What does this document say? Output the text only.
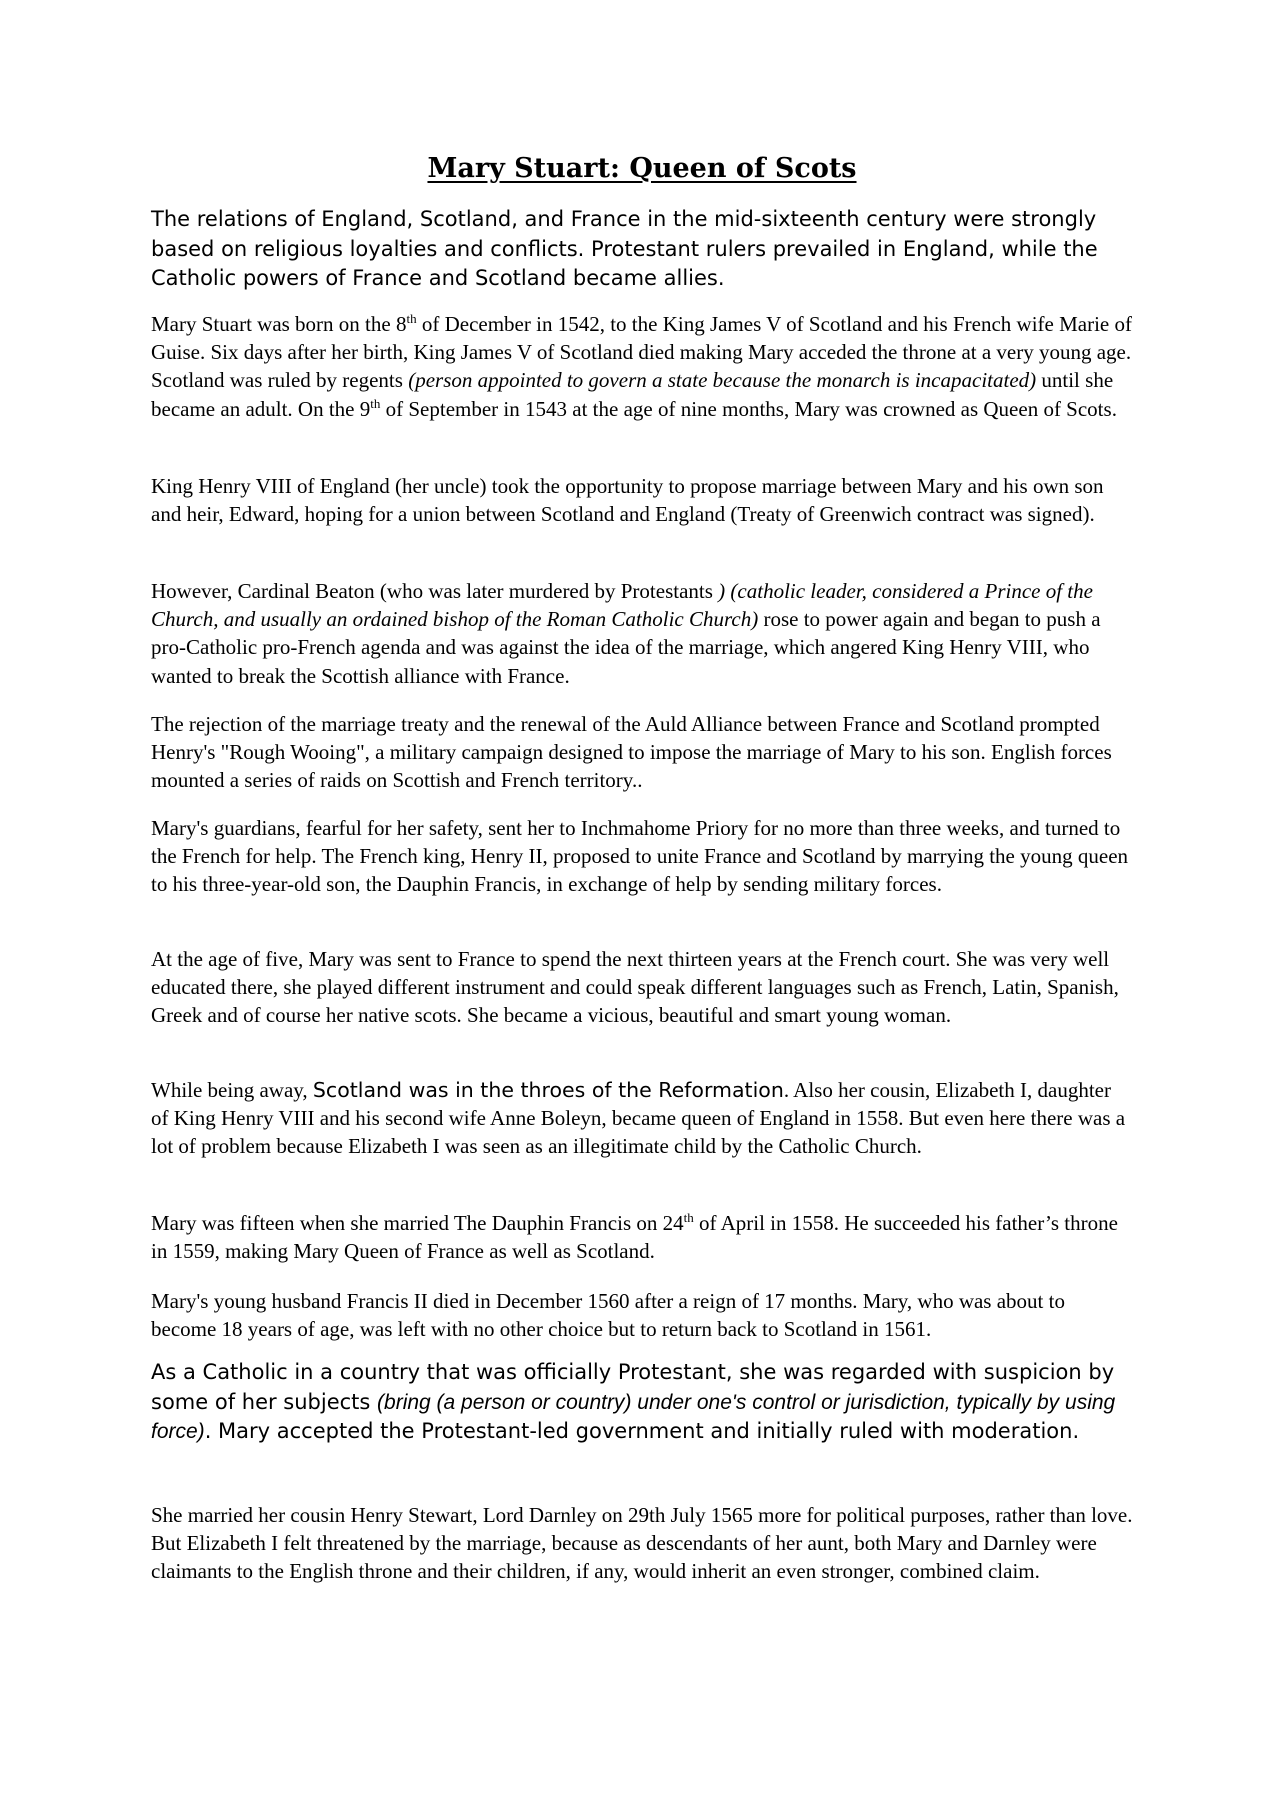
Mary Stuart: Queen of Scots

The relations of England, Scotland, and France in the mid-sixteenth century were strongly based on religious loyalties and conflicts. Protestant rulers prevailed in England, while the Catholic powers of France and Scotland became allies.

Mary Stuart was born on the 8th of December in 1542, to the King James V of Scotland and his French wife Marie of Guise. Six days after her birth, King James V of Scotland died making Mary acceded the throne at a very young age. Scotland was ruled by regents (person appointed to govern a state because the monarch is incapacitated) until she became an adult. On the 9th of September in 1543 at the age of nine months, Mary was crowned as Queen of Scots.

King Henry VIII of England (her uncle) took the opportunity to propose marriage between Mary and his own son and heir, Edward, hoping for a union between Scotland and England (Treaty of Greenwich contract was signed).

However, Cardinal Beaton (who was later murdered by Protestants ) (catholic leader, considered a Prince of the Church, and usually an ordained bishop of the Roman Catholic Church) rose to power again and began to push a pro-Catholic pro-French agenda and was against the idea of the marriage, which angered King Henry VIII, who wanted to break the Scottish alliance with France.

The rejection of the marriage treaty and the renewal of the Auld Alliance between France and Scotland prompted Henry's "Rough Wooing", a military campaign designed to impose the marriage of Mary to his son. English forces mounted a series of raids on Scottish and French territory..

Mary's guardians, fearful for her safety, sent her to Inchmahome Priory for no more than three weeks, and turned to the French for help. The French king, Henry II, proposed to unite France and Scotland by marrying the young queen to his three-year-old son, the Dauphin Francis, in exchange of help by sending military forces.

At the age of five, Mary was sent to France to spend the next thirteen years at the French court. She was very well educated there, she played different instrument and could speak different languages such as French, Latin, Spanish, Greek and of course her native scots. She became a vicious, beautiful and smart young woman.

While being away, Scotland was in the throes of the Reformation. Also her cousin, Elizabeth I, daughter of King Henry VIII and his second wife Anne Boleyn, became queen of England in 1558. But even here there was a lot of problem because Elizabeth I was seen as an illegitimate child by the Catholic Church.

Mary was fifteen when she married The Dauphin Francis on 24th of April in 1558. He succeeded his father’s throne in 1559, making Mary Queen of France as well as Scotland.

Mary's young husband Francis II died in December 1560 after a reign of 17 months. Mary, who was about to become 18 years of age, was left with no other choice but to return back to Scotland in 1561.

As a Catholic in a country that was officially Protestant, she was regarded with suspicion by some of her subjects (bring (a person or country) under one's control or jurisdiction, typically by using force). Mary accepted the Protestant-led government and initially ruled with moderation.

She married her cousin Henry Stewart, Lord Darnley on 29th July 1565 more for political purposes, rather than love. But Elizabeth I felt threatened by the marriage, because as descendants of her aunt, both Mary and Darnley were claimants to the English throne and their children, if any, would inherit an even stronger, combined claim.
